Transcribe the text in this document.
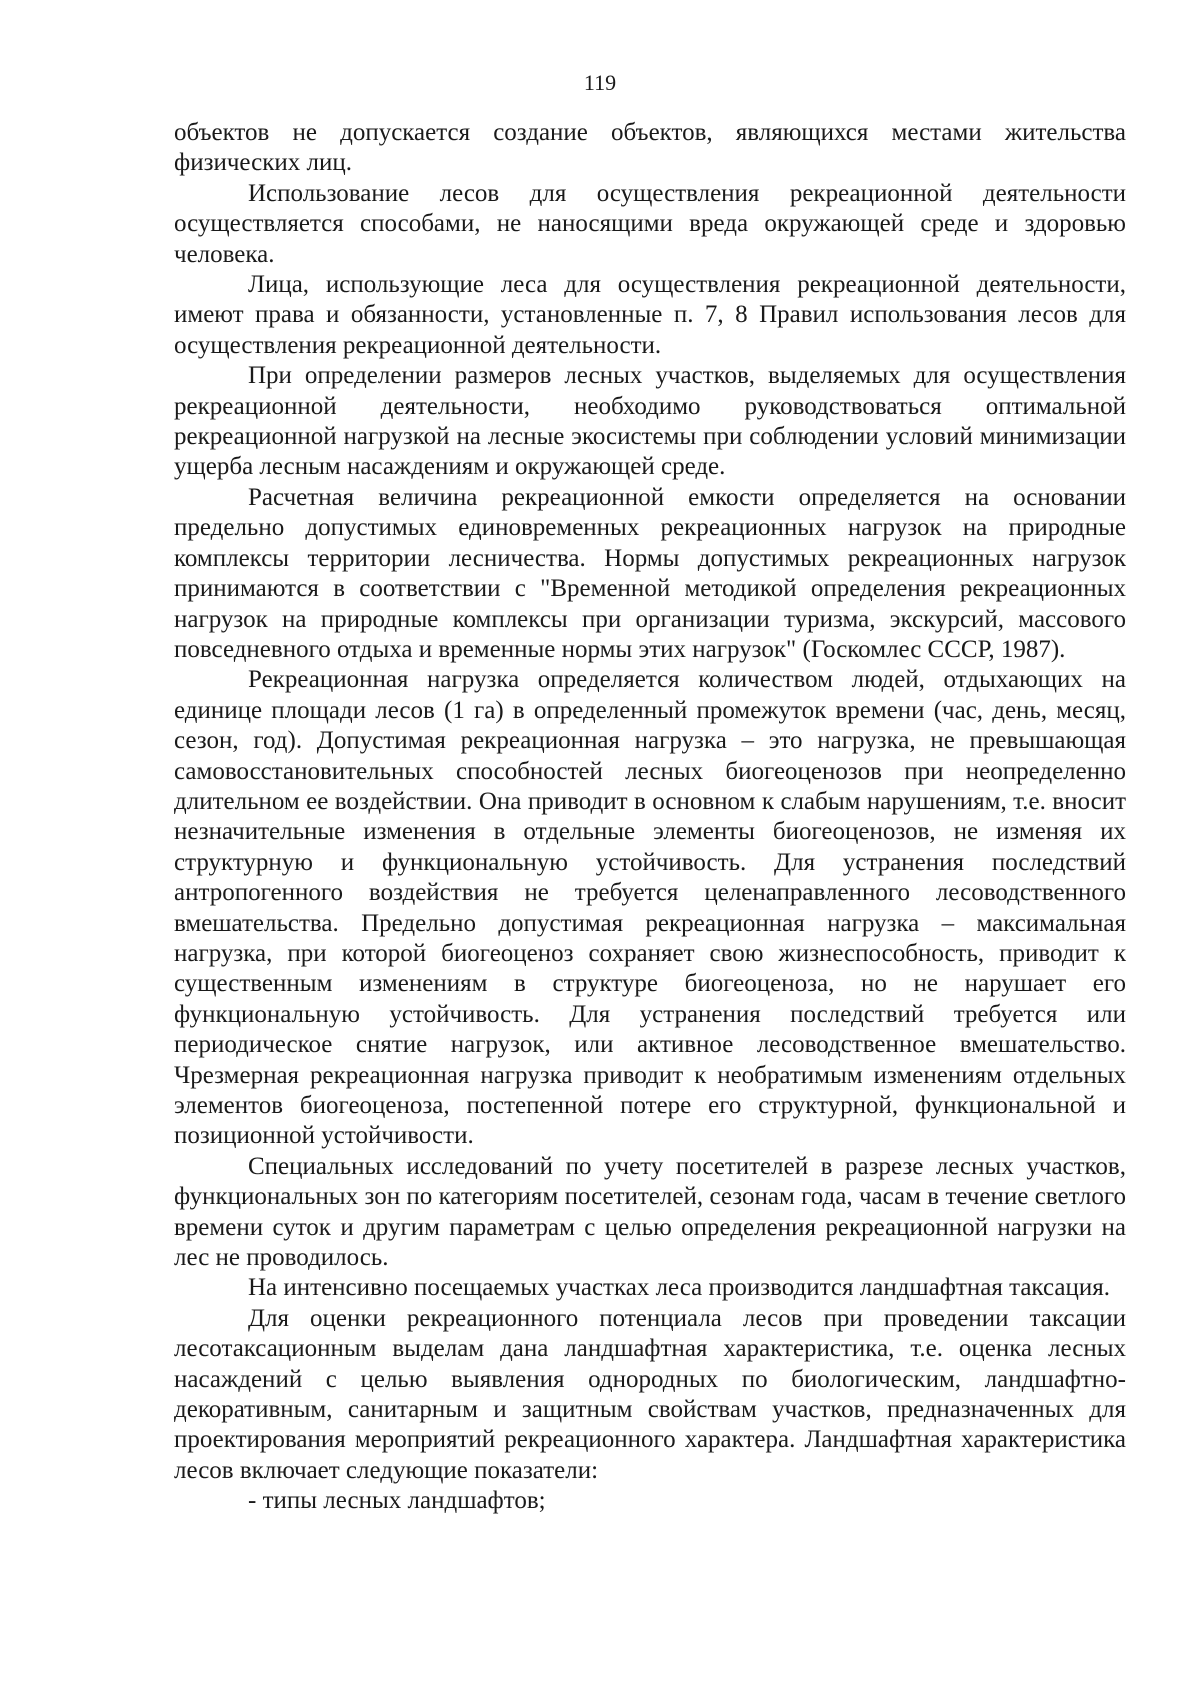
119

объектов не допускается создание объектов, являющихся местами жительства физических лиц.

Использование лесов для осуществления рекреационной деятельности осуществляется способами, не наносящими вреда окружающей среде и здоровью человека.

Лица, использующие леса для осуществления рекреационной деятельности, имеют права и обязанности, установленные п. 7, 8 Правил использования лесов для осуществления рекреационной деятельности.

При определении размеров лесных участков, выделяемых для осуществления рекреационной деятельности, необходимо руководствоваться оптимальной рекреационной нагрузкой на лесные экосистемы при соблюдении условий минимизации ущерба лесным насаждениям и окружающей среде.

Расчетная величина рекреационной емкости определяется на основании предельно допустимых единовременных рекреационных нагрузок на природные комплексы территории лесничества. Нормы допустимых рекреационных нагрузок принимаются в соответствии с "Временной методикой определения рекреационных нагрузок на природные комплексы при организации туризма, экскурсий, массового повседневного отдыха и временные нормы этих нагрузок" (Госкомлес СССР, 1987).

Рекреационная нагрузка определяется количеством людей, отдыхающих на единице площади лесов (1 га) в определенный промежуток времени (час, день, месяц, сезон, год). Допустимая рекреационная нагрузка – это нагрузка, не превышающая самовосстановительных способностей лесных биогеоценозов при неопределенно длительном ее воздействии. Она приводит в основном к слабым нарушениям, т.е. вносит незначительные изменения в отдельные элементы биогеоценозов, не изменяя их структурную и функциональную устойчивость. Для устранения последствий антропогенного воздействия не требуется целенаправленного лесоводственного вмешательства. Предельно допустимая рекреационная нагрузка – максимальная нагрузка, при которой биогеоценоз сохраняет свою жизнеспособность, приводит к существенным изменениям в структуре биогеоценоза, но не нарушает его функциональную устойчивость. Для устранения последствий требуется или периодическое снятие нагрузок, или активное лесоводственное вмешательство. Чрезмерная рекреационная нагрузка приводит к необратимым изменениям отдельных элементов биогеоценоза, постепенной потере его структурной, функциональной и позиционной устойчивости.

Специальных исследований по учету посетителей в разрезе лесных участков, функциональных зон по категориям посетителей, сезонам года, часам в течение светлого времени суток и другим параметрам с целью определения рекреационной нагрузки на лес не проводилось.

На интенсивно посещаемых участках леса производится ландшафтная таксация.

Для оценки рекреационного потенциала лесов при проведении таксации лесотаксационным выделам дана ландшафтная характеристика, т.е. оценка лесных насаждений с целью выявления однородных по биологическим, ландшафтно-декоративным, санитарным и защитным свойствам участков, предназначенных для проектирования мероприятий рекреационного характера. Ландшафтная характеристика лесов включает следующие показатели:

- типы лесных ландшафтов;
